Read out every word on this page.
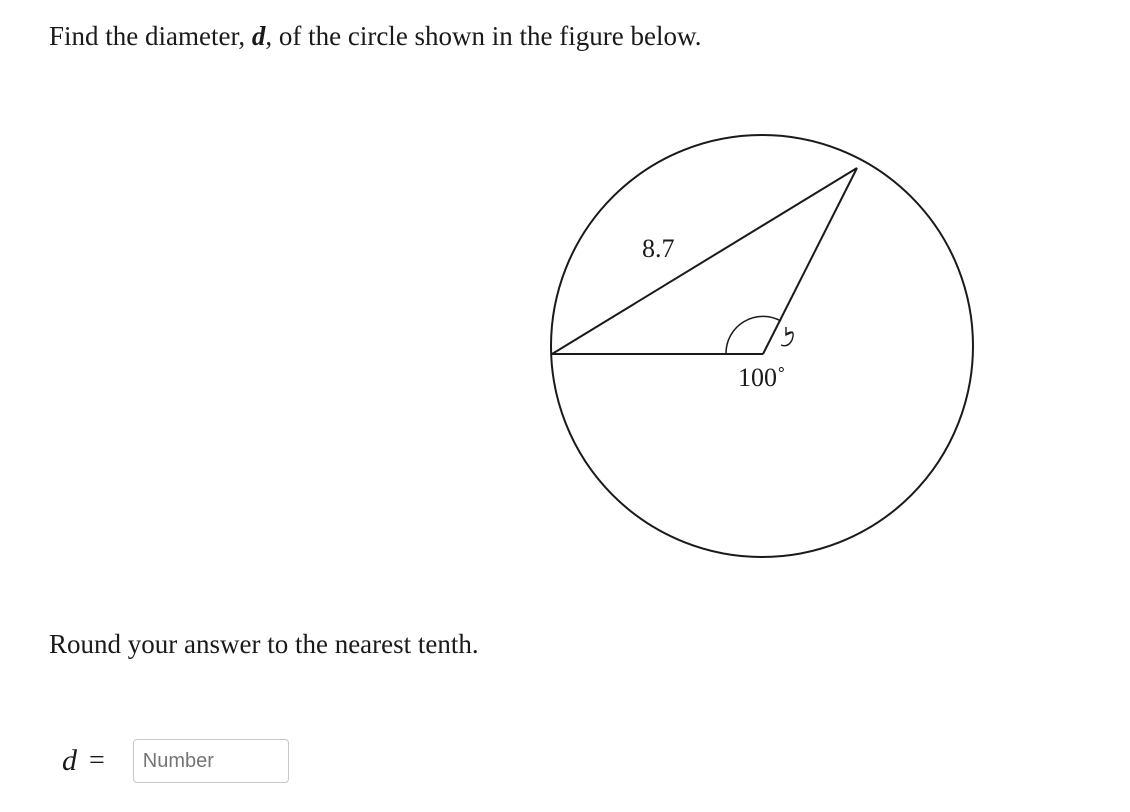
Find the diameter, d, of the circle shown in the figure below.
8.7
100˚
Round your answer to the nearest tenth.
d =
Number
